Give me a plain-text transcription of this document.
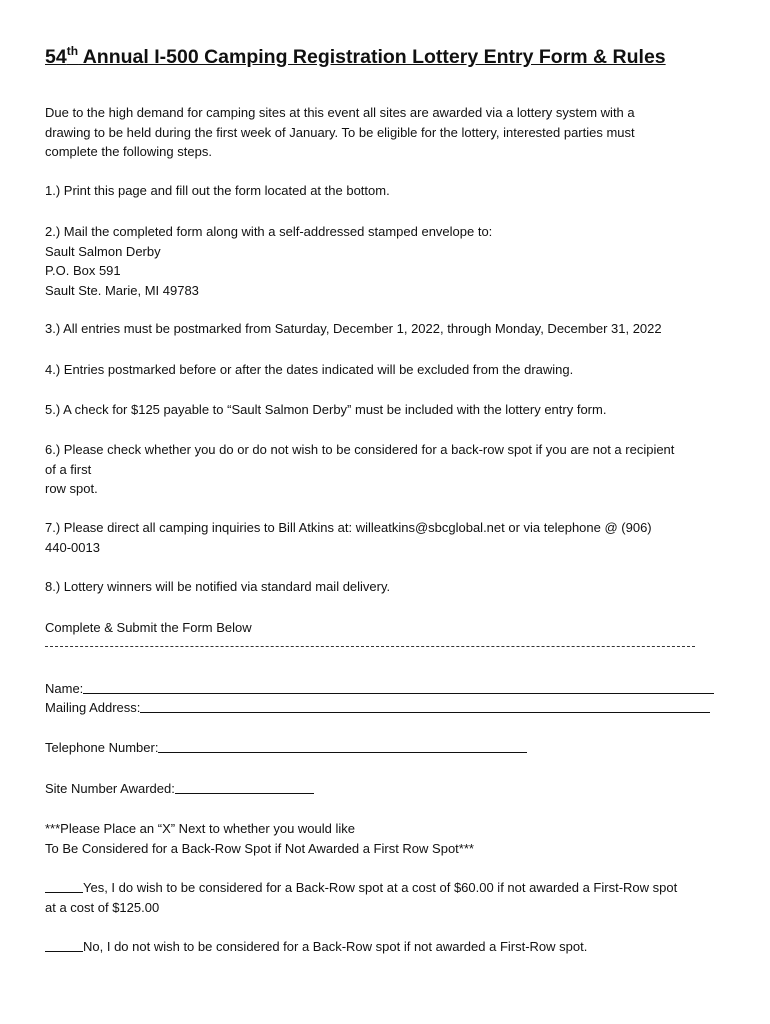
54th Annual I-500 Camping Registration Lottery Entry Form & Rules

Due to the high demand for camping sites at this event all sites are awarded via a lottery system with a
drawing to be held during the first week of January. To be eligible for the lottery, interested parties must
complete the following steps.

1.) Print this page and fill out the form located at the bottom.

2.) Mail the completed form along with a self-addressed stamped envelope to:
Sault Salmon Derby
P.O. Box 591
Sault Ste. Marie, MI 49783

3.) All entries must be postmarked from Saturday, December 1, 2022, through Monday, December 31, 2022

4.) Entries postmarked before or after the dates indicated will be excluded from the drawing.

5.) A check for $125 payable to “Sault Salmon Derby” must be included with the lottery entry form.

6.) Please check whether you do or do not wish to be considered for a back-row spot if you are not a recipient
of a first
row spot.

7.) Please direct all camping inquiries to Bill Atkins at: willeatkins@sbcglobal.net or via telephone @ (906)
440-0013

8.) Lottery winners will be notified via standard mail delivery.

Complete & Submit the Form Below

Name:

Mailing Address:

Telephone Number:

Site Number Awarded:

***Please Place an “X” Next to whether you would like
To Be Considered for a Back-Row Spot if Not Awarded a First Row Spot***

Yes, I do wish to be considered for a Back-Row spot at a cost of $60.00 if not awarded a First-Row spot
at a cost of $125.00

No, I do not wish to be considered for a Back-Row spot if not awarded a First-Row spot.
